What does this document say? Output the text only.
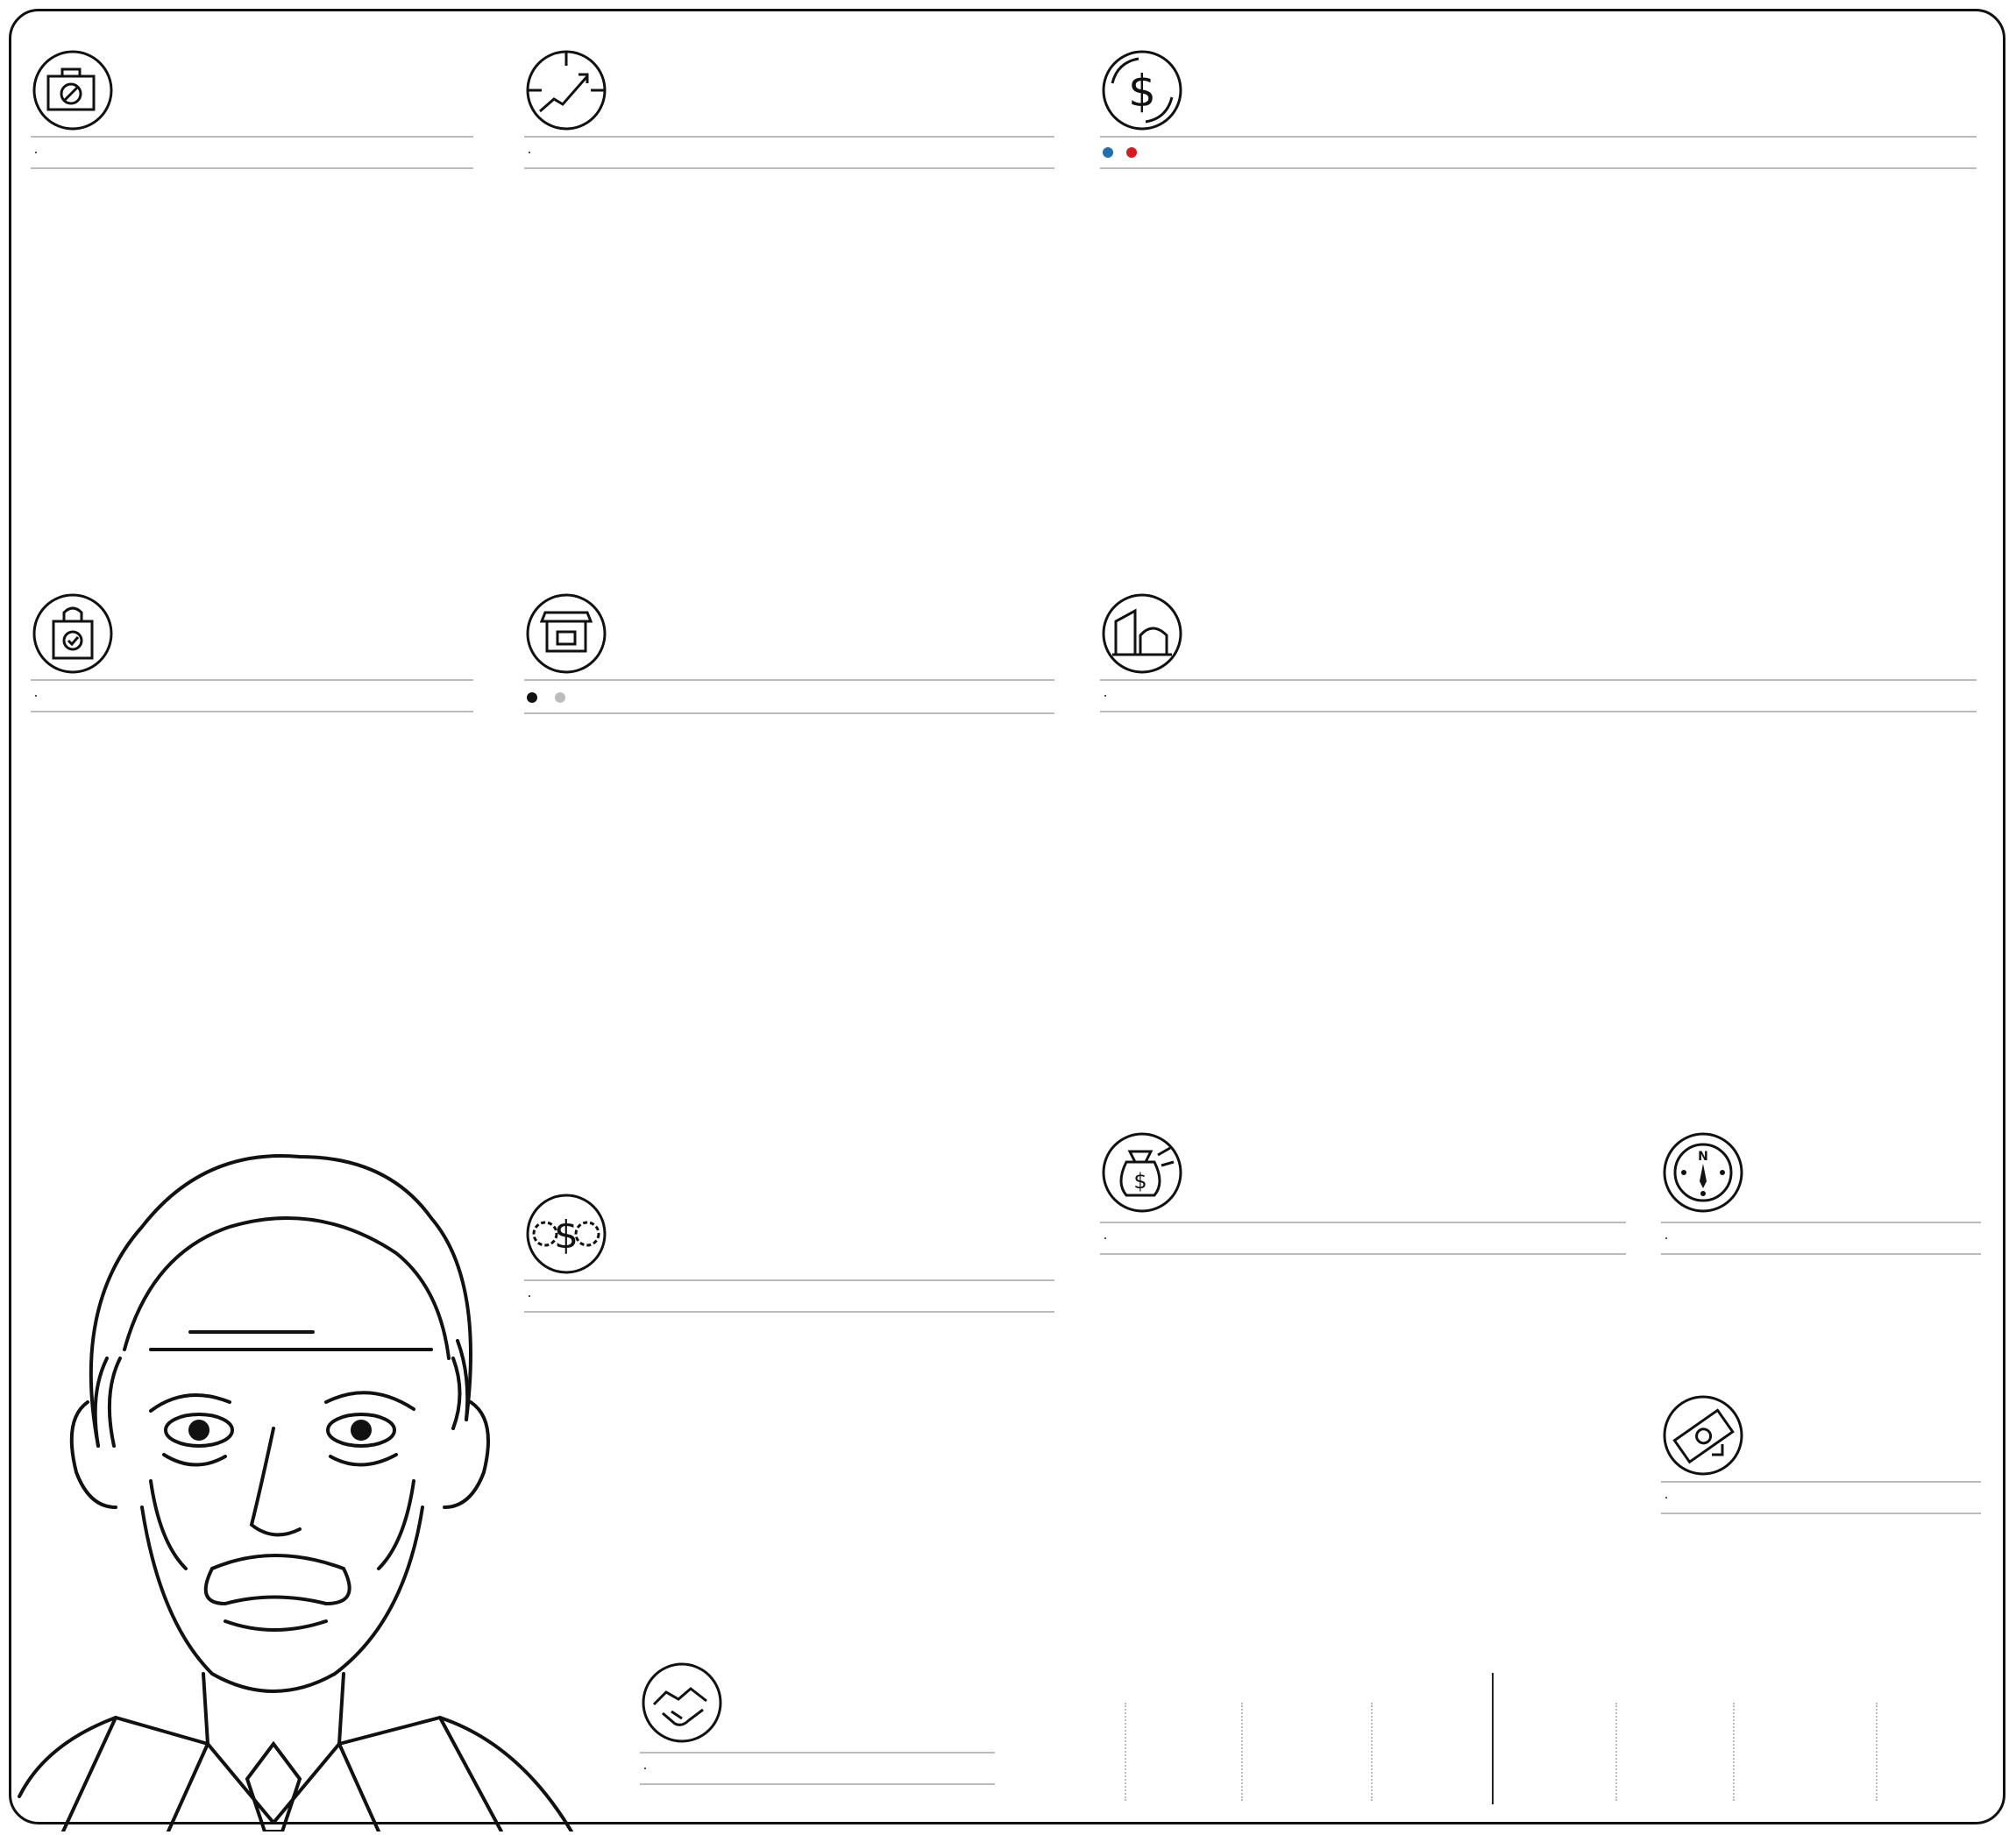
·	·
$

·
	·
$
·
$
·
N
·
·
·
